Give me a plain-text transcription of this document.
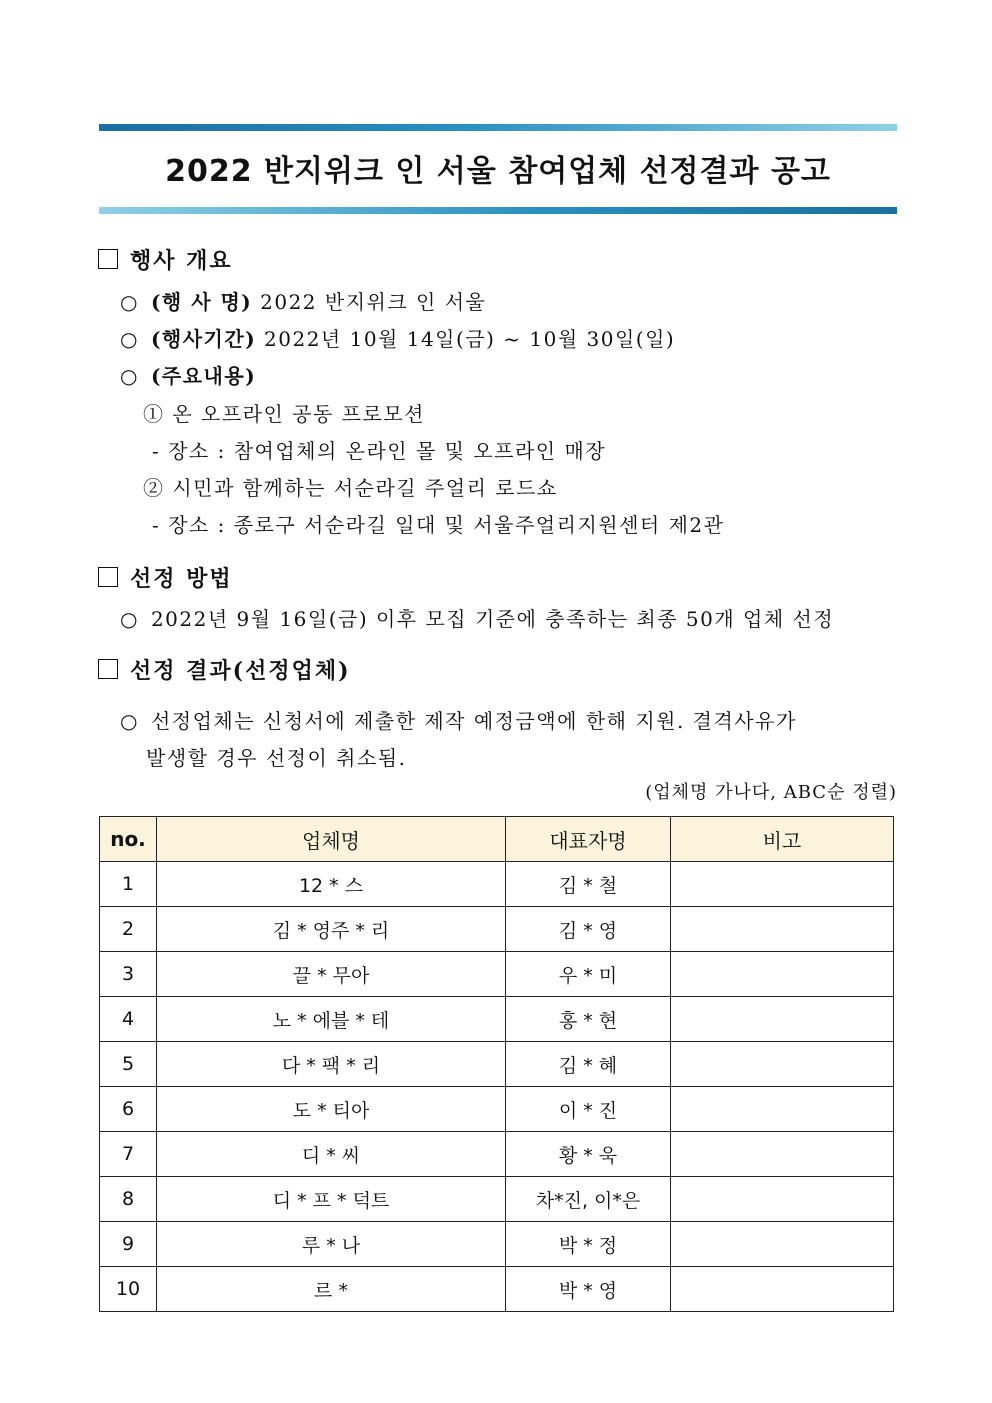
2022 반지위크 인 서울 참여업체 선정결과 공고
행사 개요
○ (행 사 명) 2022 반지위크 인 서울
○ (행사기간) 2022년 10월 14일(금) ~ 10월 30일(일)
○ (주요내용)
① 온 오프라인 공동 프로모션
- 장소 : 참여업체의 온라인 몰 및 오프라인 매장
② 시민과 함께하는 서순라길 주얼리 로드쇼
- 장소 : 종로구 서순라길 일대 및 서울주얼리지원센터 제2관
선정 방법
○ 2022년 9월 16일(금) 이후 모집 기준에 충족하는 최종 50개 업체 선정
선정 결과(선정업체)
○ 선정업체는 신청서에 제출한 제작 예정금액에 한해 지원. 결격사유가
발생할 경우 선정이 취소됨.
(업체명 가나다, ABC순 정렬)
no.	업체명	대표자명	비고
1	12 * 스	김 * 철	
2	김 * 영주 * 리	김 * 영	
3	끌 * 무아	우 * 미	
4	노 * 에블 * 테	홍 * 현	
5	다 * 팩 * 리	김 * 혜	
6	도 * 티아	이 * 진	
7	디 * 씨	황 * 욱	
8	디 * 프 * 덕트	차*진, 이*은	
9	루 * 나	박 * 정	
10	르 *	박 * 영	
